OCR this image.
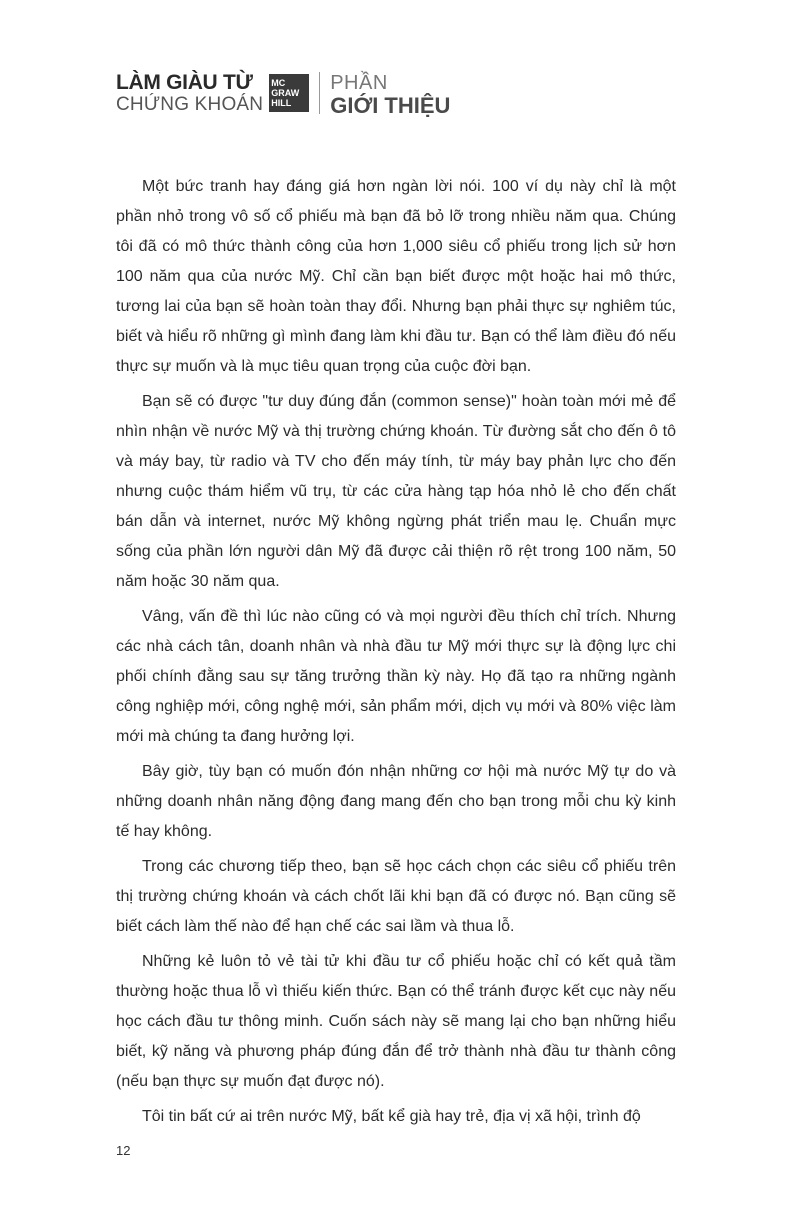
LÀM GIÀU TỪ
CHỨNG KHOÁN
MC
GRAW
HILL
PHẦN
GIỚI THIỆU

Một bức tranh hay đáng giá hơn ngàn lời nói. 100 ví dụ này chỉ là một phần nhỏ trong vô số cổ phiếu mà bạn đã bỏ lỡ trong nhiều năm qua. Chúng tôi đã có mô thức thành công của hơn 1,000 siêu cổ phiếu trong lịch sử hơn 100 năm qua của nước Mỹ. Chỉ cần bạn biết được một hoặc hai mô thức, tương lai của bạn sẽ hoàn toàn thay đổi. Nhưng bạn phải thực sự nghiêm túc, biết và hiểu rõ những gì mình đang làm khi đầu tư. Bạn có thể làm điều đó nếu thực sự muốn và là mục tiêu quan trọng của cuộc đời bạn.

Bạn sẽ có được "tư duy đúng đắn (common sense)" hoàn toàn mới mẻ để nhìn nhận về nước Mỹ và thị trường chứng khoán. Từ đường sắt cho đến ô tô và máy bay, từ radio và TV cho đến máy tính, từ máy bay phản lực cho đến nhưng cuộc thám hiểm vũ trụ, từ các cửa hàng tạp hóa nhỏ lẻ cho đến chất bán dẫn và internet, nước Mỹ không ngừng phát triển mau lẹ. Chuẩn mực sống của phần lớn người dân Mỹ đã được cải thiện rõ rệt trong 100 năm, 50 năm hoặc 30 năm qua.

Vâng, vấn đề thì lúc nào cũng có và mọi người đều thích chỉ trích. Nhưng các nhà cách tân, doanh nhân và nhà đầu tư Mỹ mới thực sự là động lực chi phối chính đằng sau sự tăng trưởng thần kỳ này. Họ đã tạo ra những ngành công nghiệp mới, công nghệ mới, sản phẩm mới, dịch vụ mới và 80% việc làm mới mà chúng ta đang hưởng lợi.

Bây giờ, tùy bạn có muốn đón nhận những cơ hội mà nước Mỹ tự do và những doanh nhân năng động đang mang đến cho bạn trong mỗi chu kỳ kinh tế hay không.

Trong các chương tiếp theo, bạn sẽ học cách chọn các siêu cổ phiếu trên thị trường chứng khoán và cách chốt lãi khi bạn đã có được nó. Bạn cũng sẽ biết cách làm thế nào để hạn chế các sai lầm và thua lỗ.

Những kẻ luôn tỏ vẻ tài tử khi đầu tư cổ phiếu hoặc chỉ có kết quả tầm thường hoặc thua lỗ vì thiếu kiến thức. Bạn có thể tránh được kết cục này nếu học cách đầu tư thông minh. Cuốn sách này sẽ mang lại cho bạn những hiểu biết, kỹ năng và phương pháp đúng đắn để trở thành nhà đầu tư thành công (nếu bạn thực sự muốn đạt được nó).

Tôi tin bất cứ ai trên nước Mỹ, bất kể già hay trẻ, địa vị xã hội, trình độ

12
